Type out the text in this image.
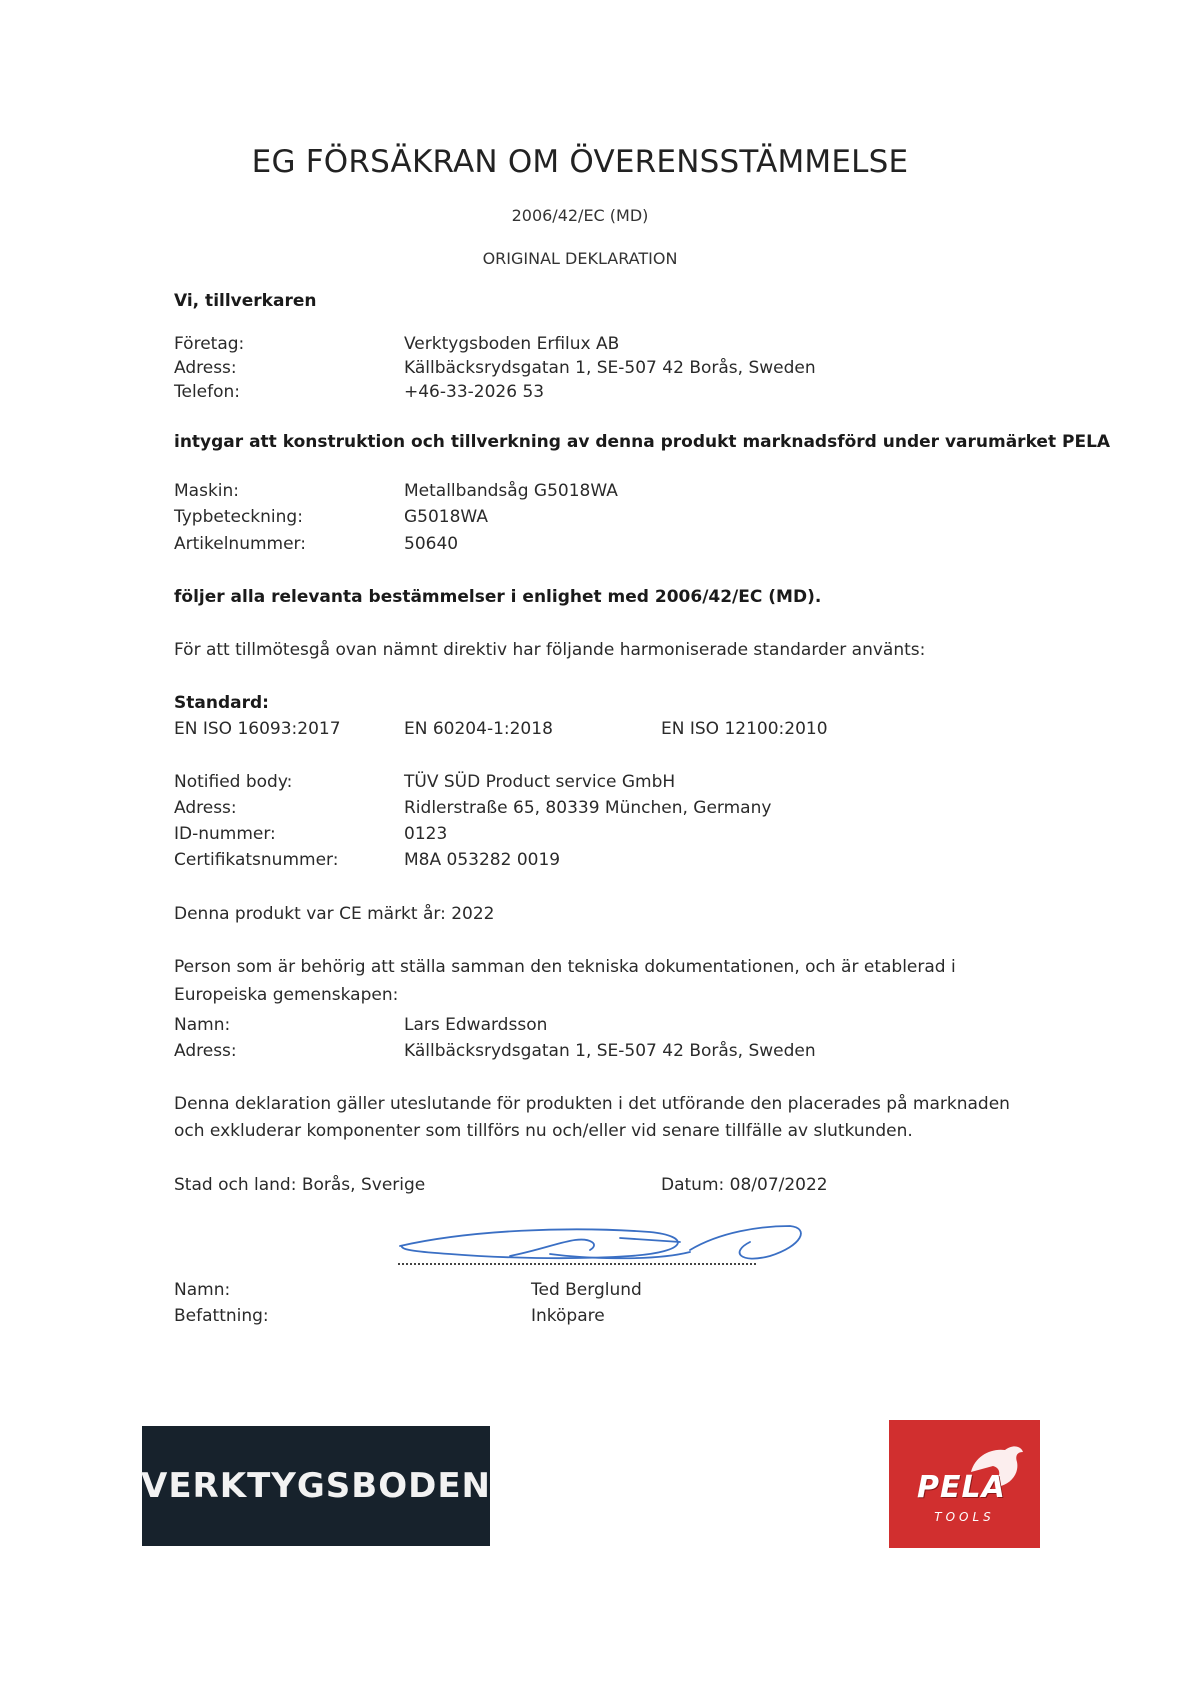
EG FÖRSÄKRAN OM ÖVERENSSTÄMMELSE
2006/42/EC (MD)
ORIGINAL DEKLARATION
Vi, tillverkaren
Företag:	Verktygsboden Erfilux AB
Adress:	Källbäcksrydsgatan 1, SE-507 42 Borås, Sweden
Telefon:	+46-33-2026 53
intygar att konstruktion och tillverkning av denna produkt marknadsförd under varumärket PELA
Maskin:	Metallbandsåg G5018WA
Typbeteckning:	G5018WA
Artikelnummer:	50640
följer alla relevanta bestämmelser i enlighet med 2006/42/EC (MD).
För att tillmötesgå ovan nämnt direktiv har följande harmoniserade standarder använts:
Standard:
EN ISO 16093:2017	EN 60204-1:2018	EN ISO 12100:2010
Notified body:	TÜV SÜD Product service GmbH
Adress:	Ridlerstraße 65, 80339 München, Germany
ID-nummer:	0123
Certifikatsnummer:	M8A 053282 0019
Denna produkt var CE märkt år: 2022
Person som är behörig att ställa samman den tekniska dokumentationen, och är etablerad i
Europeiska gemenskapen:
Namn:	Lars Edwardsson
Adress:	Källbäcksrydsgatan 1, SE-507 42 Borås, Sweden
Denna deklaration gäller uteslutande för produkten i det utförande den placerades på marknaden
och exkluderar komponenter som tillförs nu och/eller vid senare tillfälle av slutkunden.
Stad och land: Borås, Sverige	Datum: 08/07/2022
Namn:	Ted Berglund
Befattning:	Inköpare
VERKTYGSBODEN	PELA
TOOLS
